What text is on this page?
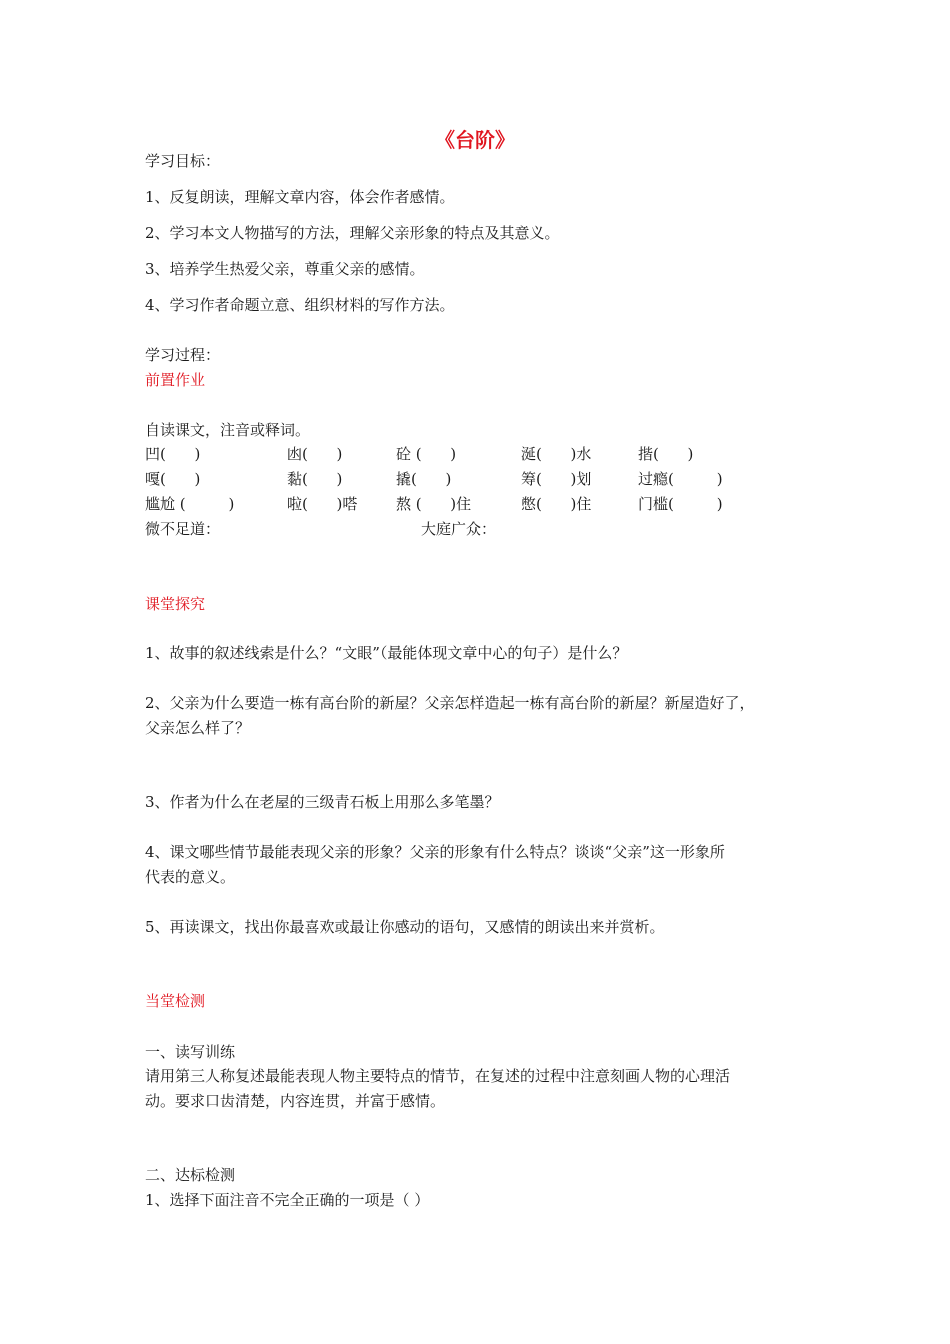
《台阶》
学习目标：
1、反复朗读，理解文章内容，体会作者感情。
2、学习本文人物描写的方法，理解父亲形象的特点及其意义。
3、培养学生热爱父亲，尊重父亲的感情。
4、学习作者命题立意、组织材料的写作方法。
学习过程：
前置作业
自读课文，注音或释词。
凹(      )	凼(      )	砼 (      )	涎(      )水	揩(      )
嘎(      )	黏(      )	撬(      )	筹(      )划	过瘾(         )
尴尬 (         )	啦(      )嗒	熬 (      )住	憋(      )住	门槛(         )
微不足道：	大庭广众：
课堂探究
1、故事的叙述线索是什么？“文眼”（最能体现文章中心的句子）是什么？
2、父亲为什么要造一栋有高台阶的新屋？父亲怎样造起一栋有高台阶的新屋？新屋造好了，
父亲怎么样了？
3、作者为什么在老屋的三级青石板上用那么多笔墨？
4、课文哪些情节最能表现父亲的形象？父亲的形象有什么特点？谈谈“父亲”这一形象所
代表的意义。
5、再读课文，找出你最喜欢或最让你感动的语句，又感情的朗读出来并赏析。
当堂检测
一、读写训练
请用第三人称复述最能表现人物主要特点的情节，在复述的过程中注意刻画人物的心理活
动。要求口齿清楚，内容连贯，并富于感情。
二、达标检测
1、选择下面注音不完全正确的一项是（ ）
